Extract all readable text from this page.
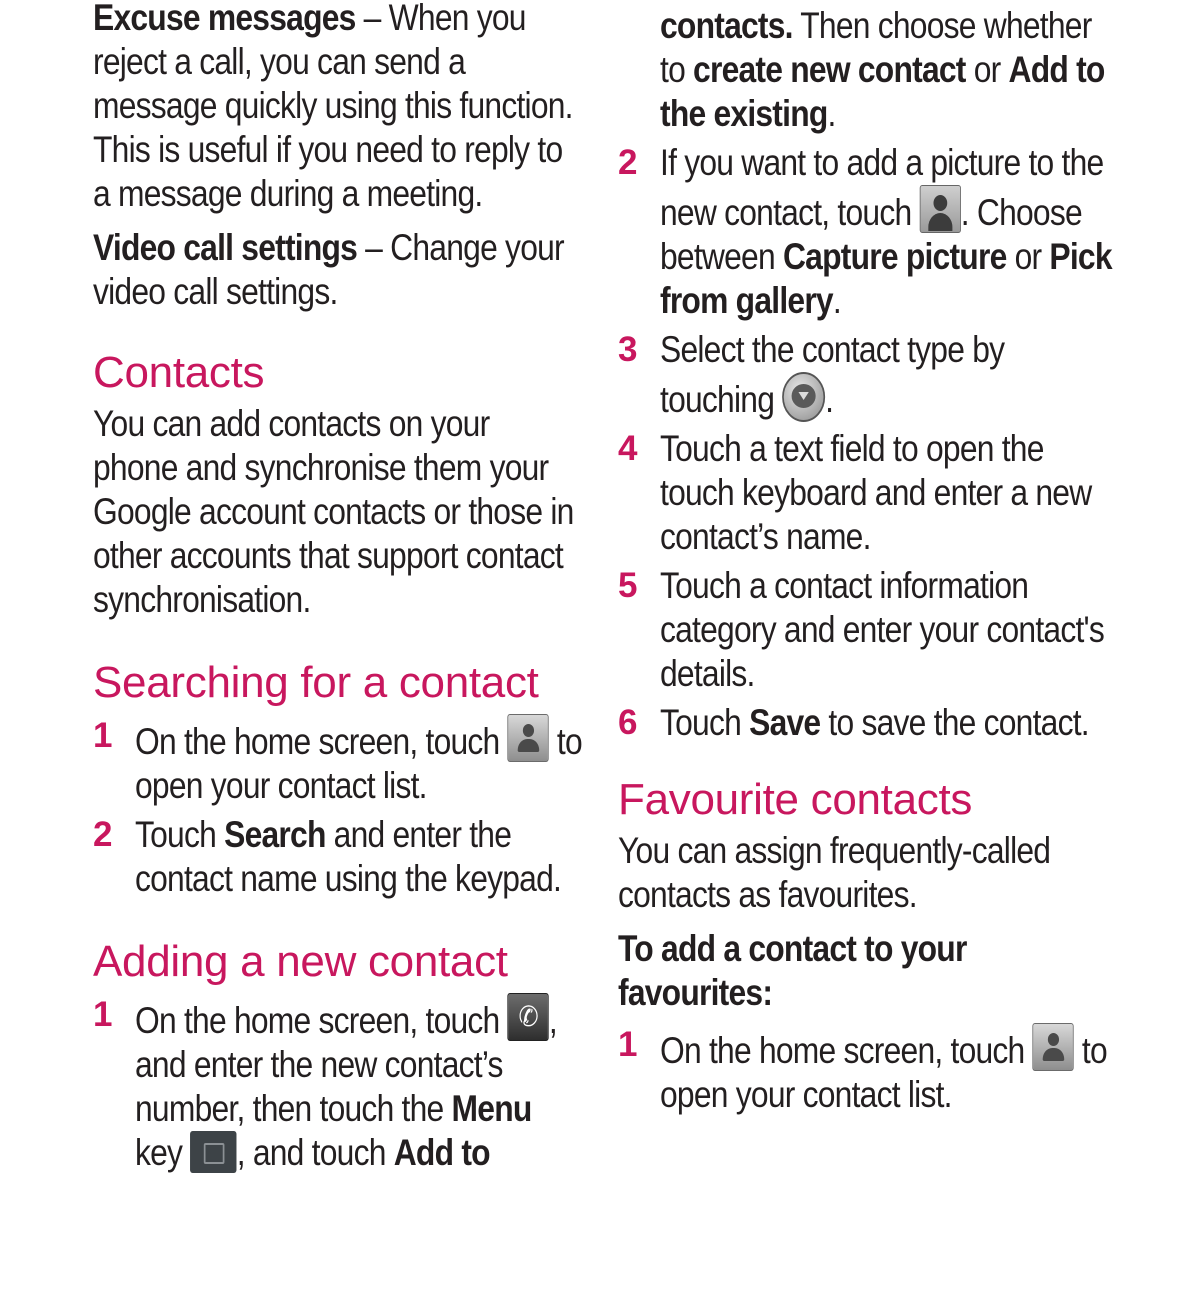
Excuse messages – When you reject a call, you can send a message quickly using this function. This is useful if you need to reply to a message during a meeting.

Video call settings – Change your video call settings.

Contacts

You can add contacts on your phone and synchronise them your Google account contacts or those in other accounts that support contact synchronisation.

Searching for a contact
1 On the home screen, touch
to open your contact list.

2 Touch Search and enter the contact name using the keypad.

Adding a new contact
1 On the home screen, touch ✆ , and enter the new contact’s number, then touch the Menu key
, and touch Add to

contacts. Then choose whether to create new contact or Add to the existing.

2 If you want to add a picture to the new contact, touch
. Choose between Capture picture or Pick from gallery.

3 Select the contact type by touching
.

4 Touch a text field to open the touch keyboard and enter a new contact’s name.

5 Touch a contact information category and enter your contact's details.

6 Touch Save to save the contact.

Favourite contacts

You can assign frequently-called contacts as favourites.

To add a contact to your favourites:
1 On the home screen, touch
to open your contact list.
